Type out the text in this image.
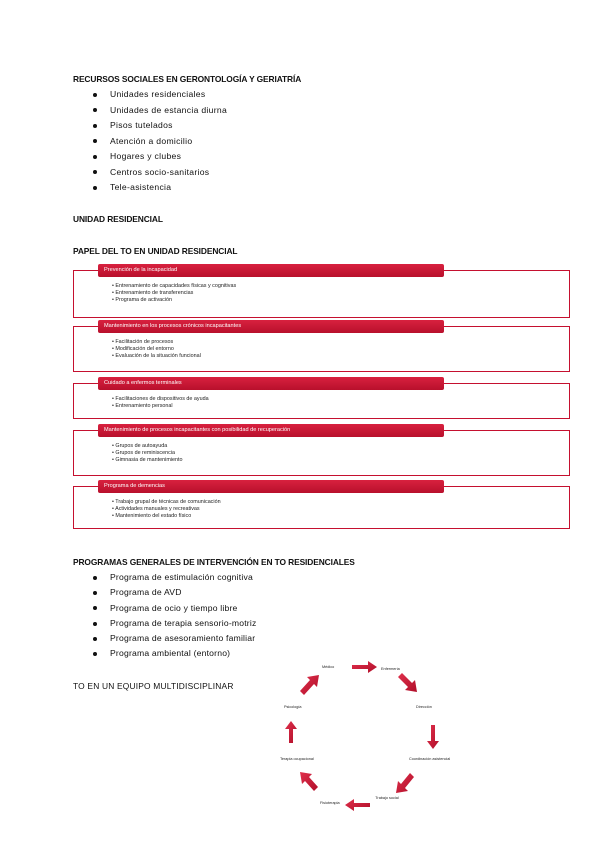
RECURSOS SOCIALES EN GERONTOLOGÍA Y GERIATRÍA
Unidades residenciales
Unidades de estancia diurna
Pisos tutelados
Atención a domicilio
Hogares y clubes
Centros socio-sanitarios
Tele-asistencia
UNIDAD RESIDENCIAL
PAPEL DEL TO EN UNIDAD RESIDENCIAL
Prevención de la incapacidad
• Entrenamiento de capacidades físicas y cognitivas
• Entrenamiento de transferencias
• Programa de activación
Mantenimiento en los procesos crónicos incapacitantes
• Facilitación de procesos
• Modificación del entorno
• Evaluación de la situación funcional
Cuidado a enfermos terminales
• Facilitaciones de dispositivos de ayuda
• Entrenamiento personal
Mantenimiento de procesos incapacitantes con posibilidad de recuperación
• Grupos de autoayuda
• Grupos de reminiscencia
• Gimnasia de mantenimiento
Programa de demencias
• Trabajo grupal de técnicas de comunicación
• Actividades manuales y recreativas
• Mantenimiento del estado físico
PROGRAMAS GENERALES DE INTERVENCIÓN EN TO RESIDENCIALES
Programa de estimulación cognitiva
Programa de AVD
Programa de ocio y tiempo libre
Programa de terapia sensorio-motriz
Programa de asesoramiento familiar
Programa ambiental (entorno)
TO EN UN EQUIPO MULTIDISCIPLINAR
Médico	Enfermería
Dirección
Coordinación asistencial
Trabajo social
Fisioterapia
Terapia ocupacional
Psicología
